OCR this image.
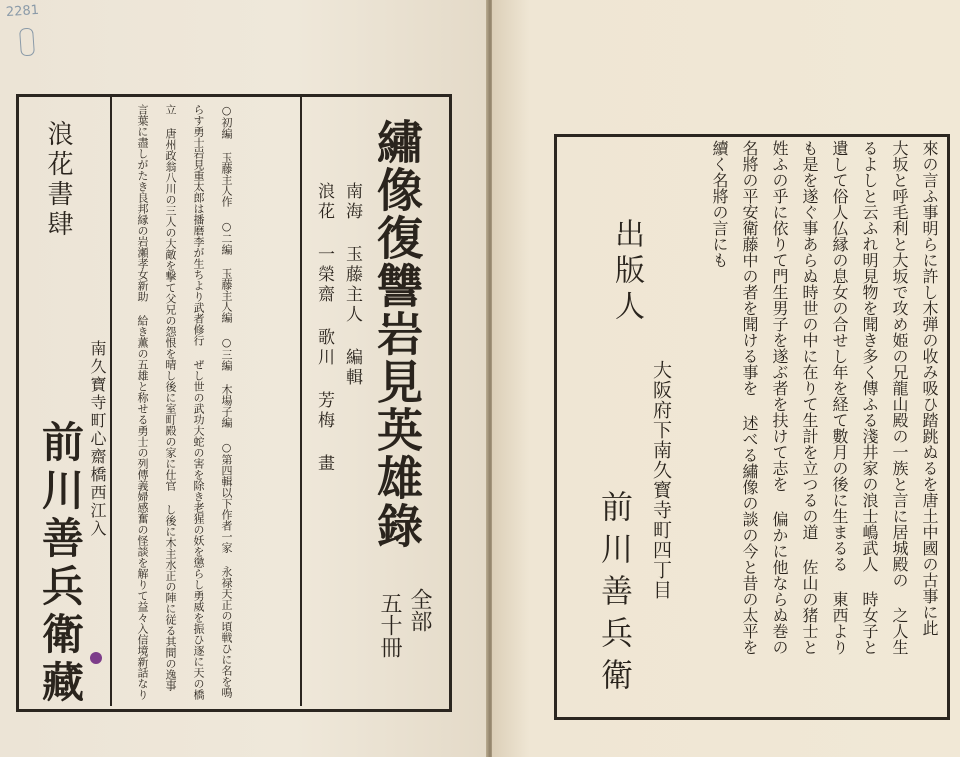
2281
浪花書肆
南久寶寺町心齋橋西江入
前川善兵衛藏
○初編 玉藤主人作 ○二編 玉藤主人編 ○三編 木場子編 ○第四輯以下作者一家 永禄天正の頃戦ひに名を鳴らす勇士岩見重太郎は播磨李が生ちより武者修行 ぜし世の武功大蛇の害を除き老猩の妖を懲らし勇威を振ひ逐に天の橋立 唐州政翁八川の三人の大敵を撃て父兄の怨恨を晴し後に室町殿の家に仕官 し後に木主水正の陣に従る其間の逸事言葉に盡しがたき良邦縁の岩瀬孝女新助 給き薫の五雄と称せる勇士の列傳義婦感奮の怪談を解りて益々入信境新話なり	浪花 一榮齋 歌川 芳梅 畫 南海 玉藤主人 編輯 繡像復讐岩見英雄錄
五十冊 全部
出版人
大阪府下南久寳寺町四丁目
前川善兵衛	來の言ふ事明らに許し木弾の收み吸ひ踏跳ぬるを唐土中國の古事に此 大坂と呼毛利と大坂で攻め姫の兄龍山殿の一族と言に居城殿の 之人生るよしと云ふれ明見物を聞き多く傳ふる淺井家の浪士嶋武人 時女子と遺して俗人仏縁の息女の合せし年を経て數月の後に生まるる 東西よりも是を遂ぐ事あらぬ時世の中に在りて生計を立つるの道 佐山の猪士と姓ふの乎に依りて門生男子を遂ぶ者を扶けて志を 偏かに他ならぬ巻の名將の平安衛藤中の者を聞ける事を 述べる繡像の談の今と昔の太平を續く名將の言にも
